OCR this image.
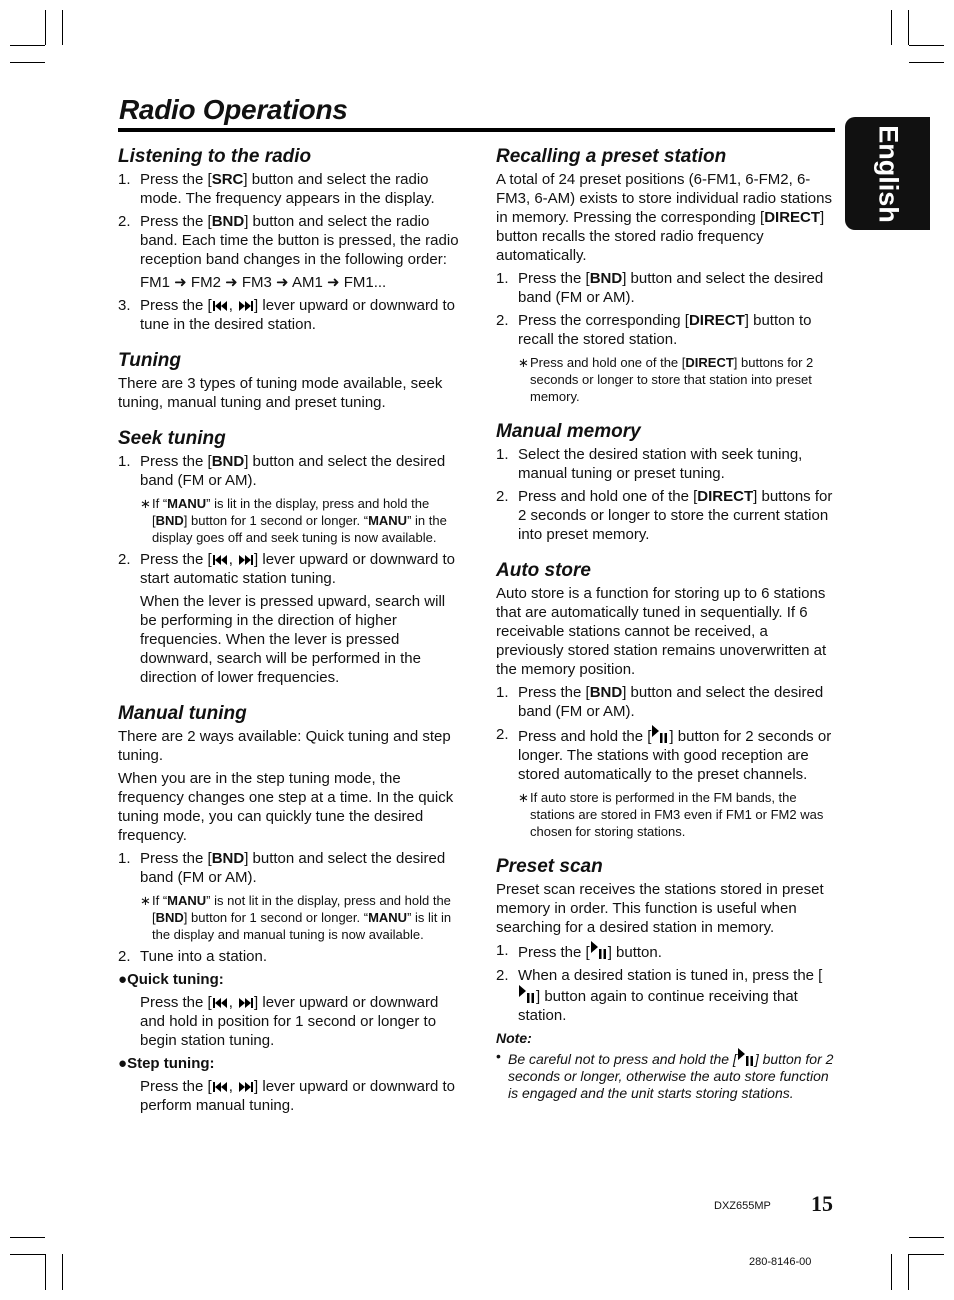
Radio Operations
English
Listening to the radio
1. Press the [SRC] button and select the radio mode. The frequency appears in the display.
2. Press the [BND] button and select the radio band. Each time the button is pressed, the radio reception band changes in the following order:
FM1 ➜ FM2 ➜ FM3 ➜ AM1 ➜ FM1...
3. Press the [ , ] lever upward or downward to tune in the desired station.
Tuning

There are 3 types of tuning mode available, seek tuning, manual tuning and preset tuning.

Seek tuning
1. Press the [BND] button and select the desired band (FM or AM).
∗ If “MANU” is lit in the display, press and hold the [BND] button for 1 second or longer. “MANU” in the display goes off and seek tuning is now available.
2. Press the [ , ] lever upward or downward to start automatic station tuning.

When the lever is pressed upward, search will be performing in the direction of higher frequencies. When the lever is pressed downward, search will be performed in the direction of lower frequencies.

Manual tuning

There are 2 ways available: Quick tuning and step tuning.

When you are in the step tuning mode, the frequency changes one step at a time. In the quick tuning mode, you can quickly tune the desired frequency.

1. Press the [BND] button and select the desired band (FM or AM).
∗ If “MANU” is not lit in the display, press and hold the [BND] button for 1 second or longer. “MANU” is lit in the display and manual tuning is now available.
2. Tune into a station.
●Quick tuning:

Press the [ , ] lever upward or downward and hold in position for 1 second or longer to begin station tuning.

●Step tuning:

Press the [ , ] lever upward or downward to perform manual tuning.

Recalling a preset station

A total of 24 preset positions (6-FM1, 6-FM2, 6-FM3, 6-AM) exists to store individual radio stations in memory. Pressing the corresponding [DIRECT] button recalls the stored radio frequency automatically.

1. Press the [BND] button and select the desired band (FM or AM).
2. Press the corresponding [DIRECT] button to recall the stored station.
∗ Press and hold one of the [DIRECT] buttons for 2 seconds or longer to store that station into preset memory.
Manual memory
1. Select the desired station with seek tuning, manual tuning or preset tuning.
2. Press and hold one of the [DIRECT] buttons for 2 seconds or longer to store the current station into preset memory.
Auto store

Auto store is a function for storing up to 6 stations that are automatically tuned in sequentially. If 6 receivable stations cannot be received, a previously stored station remains unoverwritten at the memory position.

1. Press the [BND] button and select the desired band (FM or AM).
2. Press and hold the [ ] button for 2 seconds or longer. The stations with good reception are stored automatically to the preset channels.
∗ If auto store is performed in the FM bands, the stations are stored in FM3 even if FM1 or FM2 was chosen for storing stations.
Preset scan

Preset scan receives the stations stored in preset memory in order. This function is useful when searching for a desired station in memory.

1. Press the [ ] button.
2. When a desired station is tuned in, press the [] button again to continue receiving that station.
Note:
• Be careful not to press and hold the [ ] button for 2 seconds or longer, otherwise the auto store function is engaged and the unit starts storing stations.
DXZ655MP 15
280-8146-00
